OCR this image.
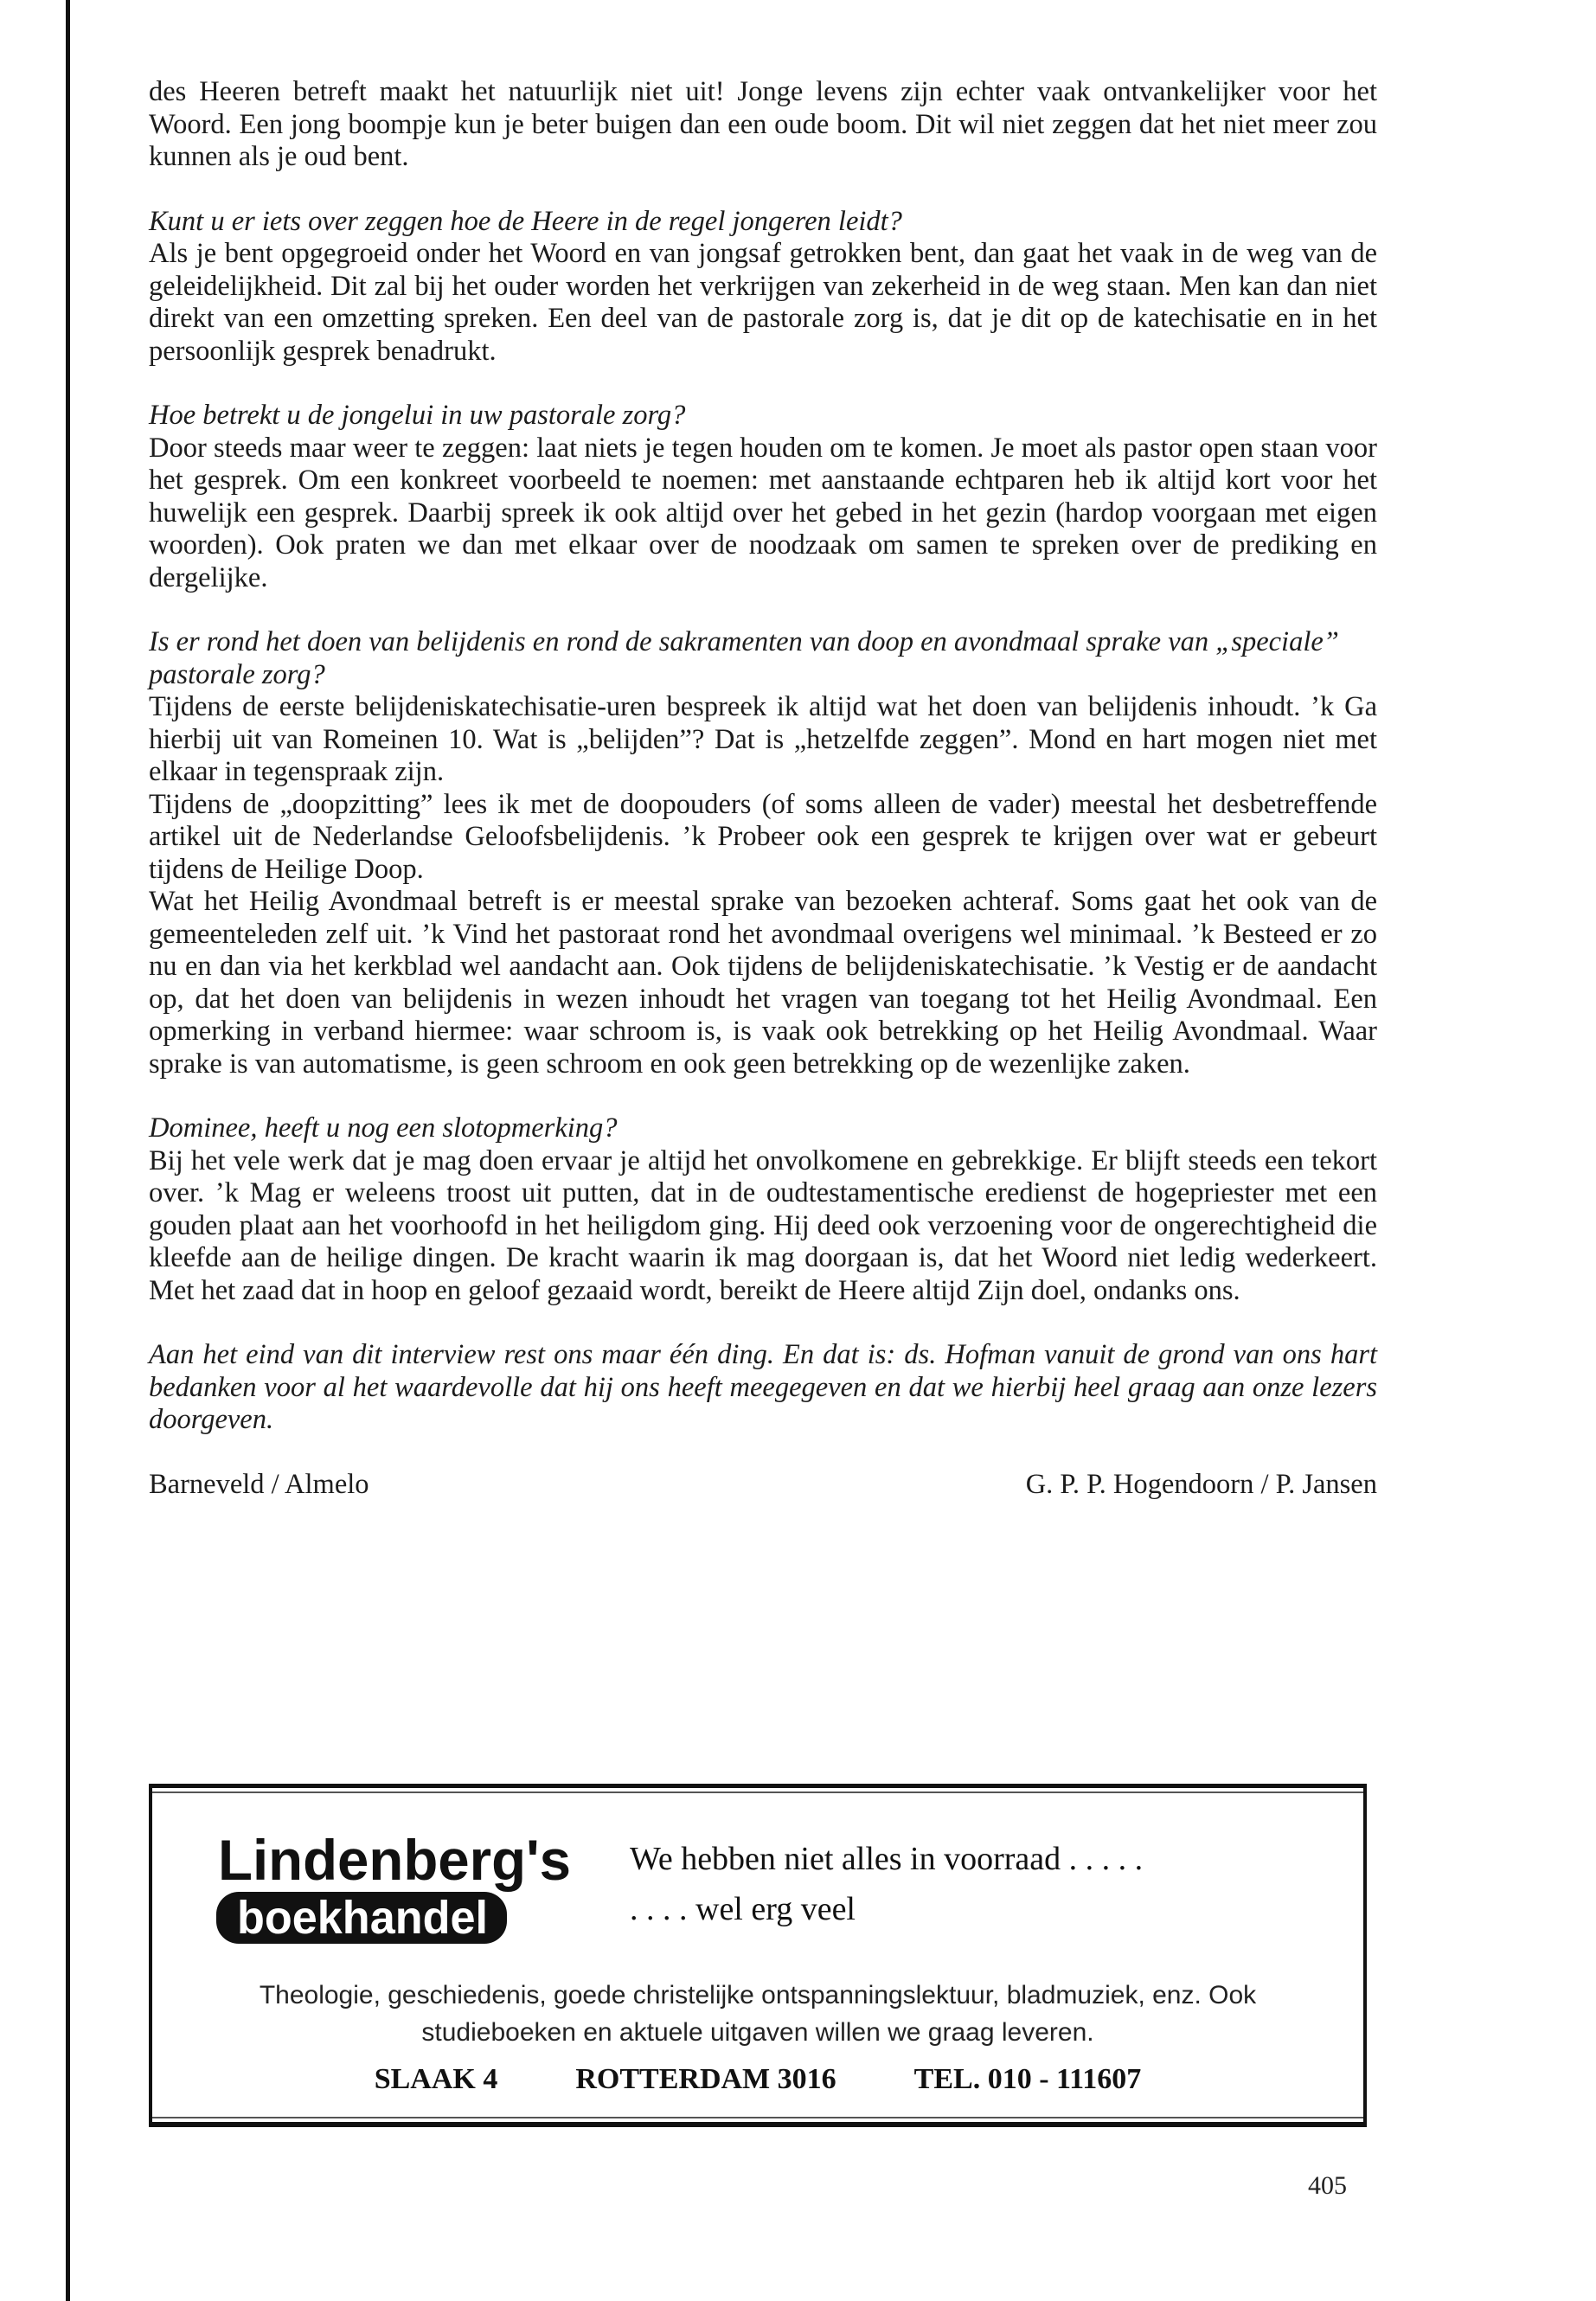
des Heeren betreft maakt het natuurlijk niet uit! Jonge levens zijn echter vaak ontvankelijker voor het Woord. Een jong boompje kun je beter buigen dan een oude boom. Dit wil niet zeggen dat het niet meer zou kunnen als je oud bent.

Kunt u er iets over zeggen hoe de Heere in de regel jongeren leidt?

Als je bent opgegroeid onder het Woord en van jongsaf getrokken bent, dan gaat het vaak in de weg van de geleidelijkheid. Dit zal bij het ouder worden het verkrijgen van zekerheid in de weg staan. Men kan dan niet direkt van een omzetting spreken. Een deel van de pastorale zorg is, dat je dit op de katechisatie en in het persoonlijk gesprek benadrukt.

Hoe betrekt u de jongelui in uw pastorale zorg?

Door steeds maar weer te zeggen: laat niets je tegen houden om te komen. Je moet als pastor open staan voor het gesprek. Om een konkreet voorbeeld te noemen: met aanstaande echtparen heb ik altijd kort voor het huwelijk een gesprek. Daarbij spreek ik ook altijd over het gebed in het gezin (hardop voorgaan met eigen woorden). Ook praten we dan met elkaar over de noodzaak om samen te spreken over de prediking en dergelijke.

Is er rond het doen van belijdenis en rond de sakramenten van doop en avondmaal sprake van „speciale” pastorale zorg?

Tijdens de eerste belijdeniskatechisatie-uren bespreek ik altijd wat het doen van belijdenis inhoudt. ’k Ga hierbij uit van Romeinen 10. Wat is „belijden”? Dat is „hetzelfde zeggen”. Mond en hart mogen niet met elkaar in tegenspraak zijn.

Tijdens de „doopzitting” lees ik met de doopouders (of soms alleen de vader) meestal het desbetreffende artikel uit de Nederlandse Geloofsbelijdenis. ’k Probeer ook een gesprek te krijgen over wat er gebeurt tijdens de Heilige Doop.

Wat het Heilig Avondmaal betreft is er meestal sprake van bezoeken achteraf. Soms gaat het ook van de gemeenteleden zelf uit. ’k Vind het pastoraat rond het avondmaal overigens wel minimaal. ’k Besteed er zo nu en dan via het kerkblad wel aandacht aan. Ook tijdens de belijdeniskatechisatie. ’k Vestig er de aandacht op, dat het doen van belijdenis in wezen inhoudt het vragen van toegang tot het Heilig Avondmaal. Een opmerking in verband hiermee: waar schroom is, is vaak ook betrekking op het Heilig Avondmaal. Waar sprake is van automatisme, is geen schroom en ook geen betrekking op de wezenlijke zaken.

Dominee, heeft u nog een slotopmerking?

Bij het vele werk dat je mag doen ervaar je altijd het onvolkomene en gebrekkige. Er blijft steeds een tekort over. ’k Mag er weleens troost uit putten, dat in de oudtestamentische eredienst de hogepriester met een gouden plaat aan het voorhoofd in het heiligdom ging. Hij deed ook verzoening voor de ongerechtigheid die kleefde aan de heilige dingen. De kracht waarin ik mag doorgaan is, dat het Woord niet ledig wederkeert. Met het zaad dat in hoop en geloof gezaaid wordt, bereikt de Heere altijd Zijn doel, ondanks ons.

Aan het eind van dit interview rest ons maar één ding. En dat is: ds. Hofman vanuit de grond van ons hart bedanken voor al het waardevolle dat hij ons heeft meegegeven en dat we hierbij heel graag aan onze lezers doorgeven.

Barneveld / Almelo	G. P. P. Hogendoorn / P. Jansen
Lindenberg's
boekhandel
We hebben niet alles in voorraad . . . . .
. . . . wel erg veel
Theologie, geschiedenis, goede christelijke ontspanningslektuur, bladmuziek, enz. Ook studieboeken en aktuele uitgaven willen we graag leveren.
SLAAK 4	ROTTERDAM 3016	TEL. 010 - 111607
405
